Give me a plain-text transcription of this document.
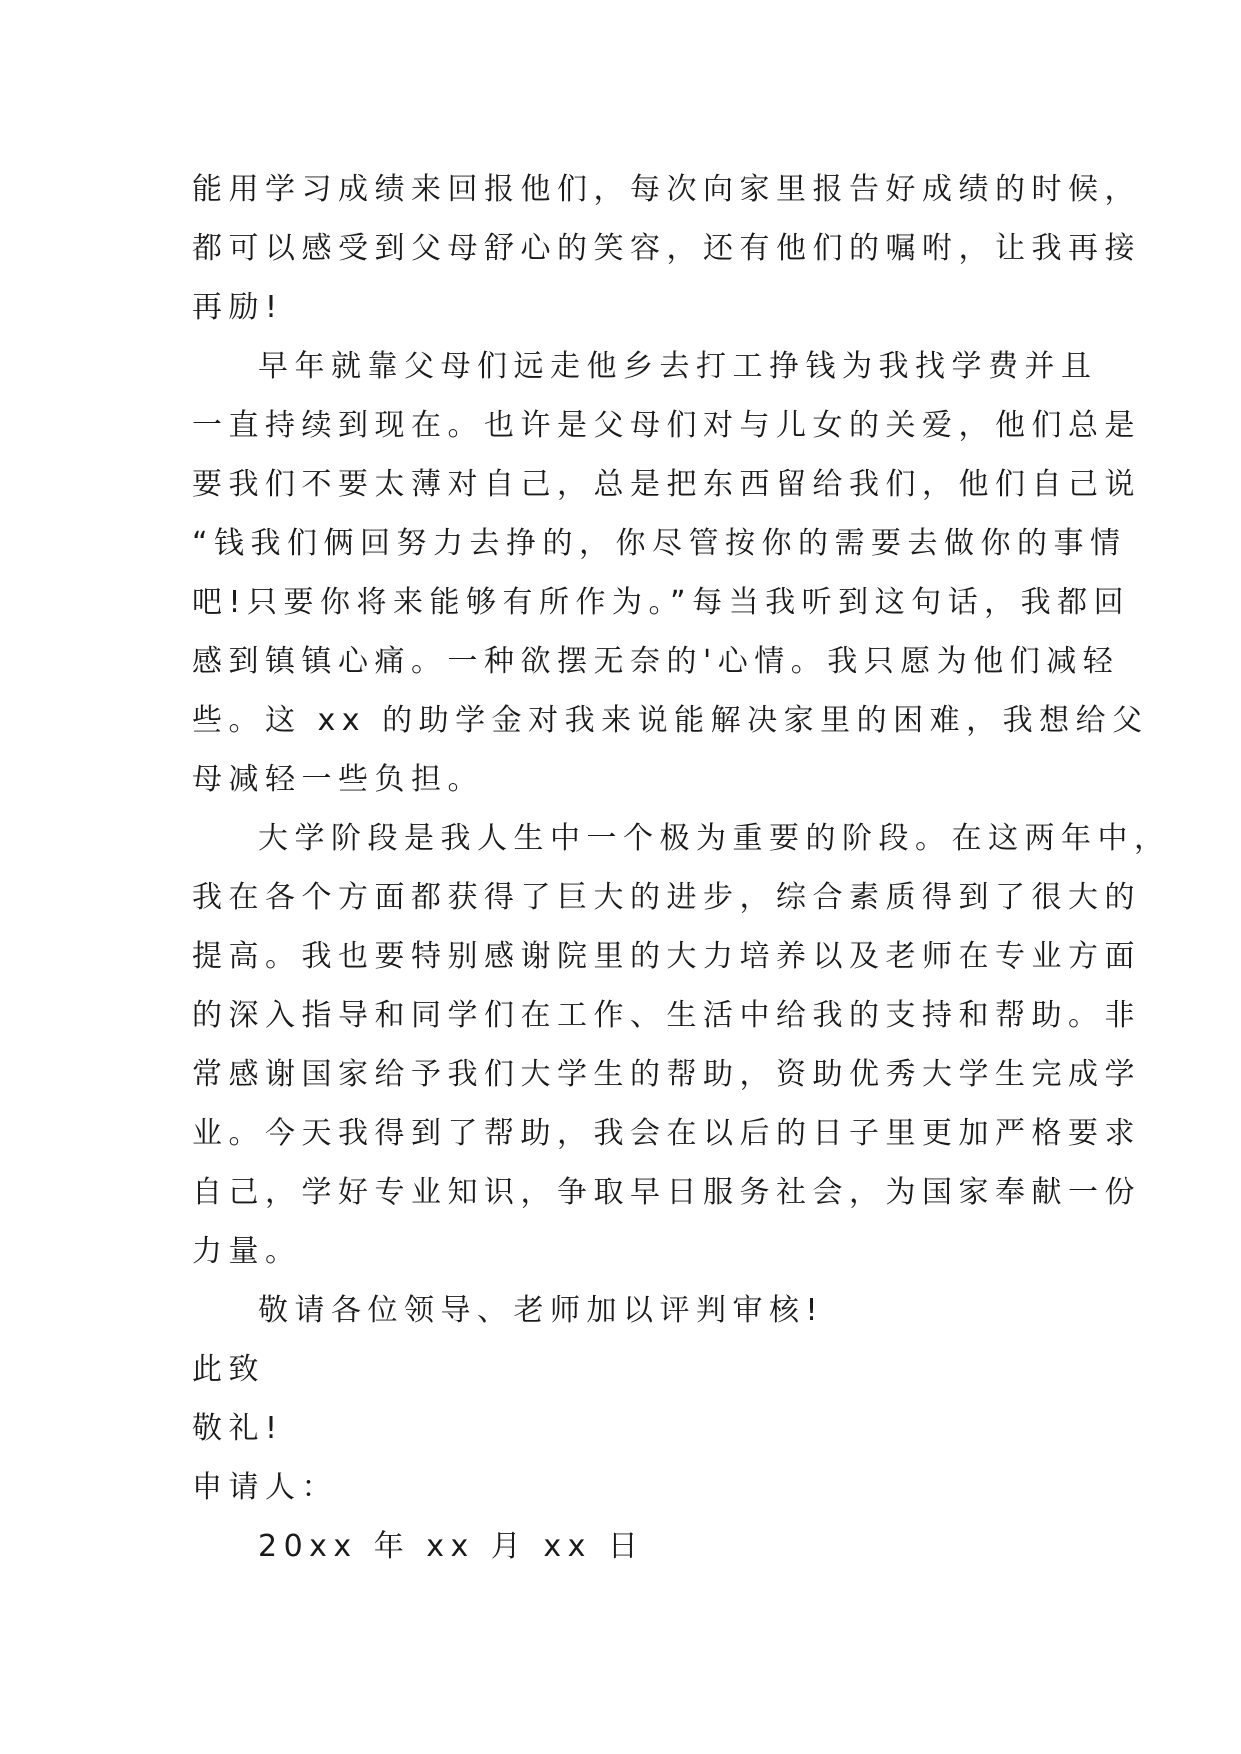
能用学习成绩来回报他们，每次向家里报告好成绩的时候，
都可以感受到父母舒心的笑容，还有他们的嘱咐，让我再接
再励!
早年就靠父母们远走他乡去打工挣钱为我找学费并且
一直持续到现在。也许是父母们对与儿女的关爱，他们总是
要我们不要太薄对自己，总是把东西留给我们，他们自己说
“钱我们俩回努力去挣的，你尽管按你的需要去做你的事情
吧!只要你将来能够有所作为。”每当我听到这句话，我都回
感到镇镇心痛。一种欲摆无奈的'心情。我只愿为他们减轻
些。这 xx 的助学金对我来说能解决家里的困难，我想给父
母减轻一些负担。
大学阶段是我人生中一个极为重要的阶段。在这两年中，
我在各个方面都获得了巨大的进步，综合素质得到了很大的
提高。我也要特别感谢院里的大力培养以及老师在专业方面
的深入指导和同学们在工作、生活中给我的支持和帮助。非
常感谢国家给予我们大学生的帮助，资助优秀大学生完成学
业。今天我得到了帮助，我会在以后的日子里更加严格要求
自己，学好专业知识，争取早日服务社会，为国家奉献一份
力量。
敬请各位领导、老师加以评判审核!
此致
敬礼!
申请人：
20xx 年 xx 月 xx 日
